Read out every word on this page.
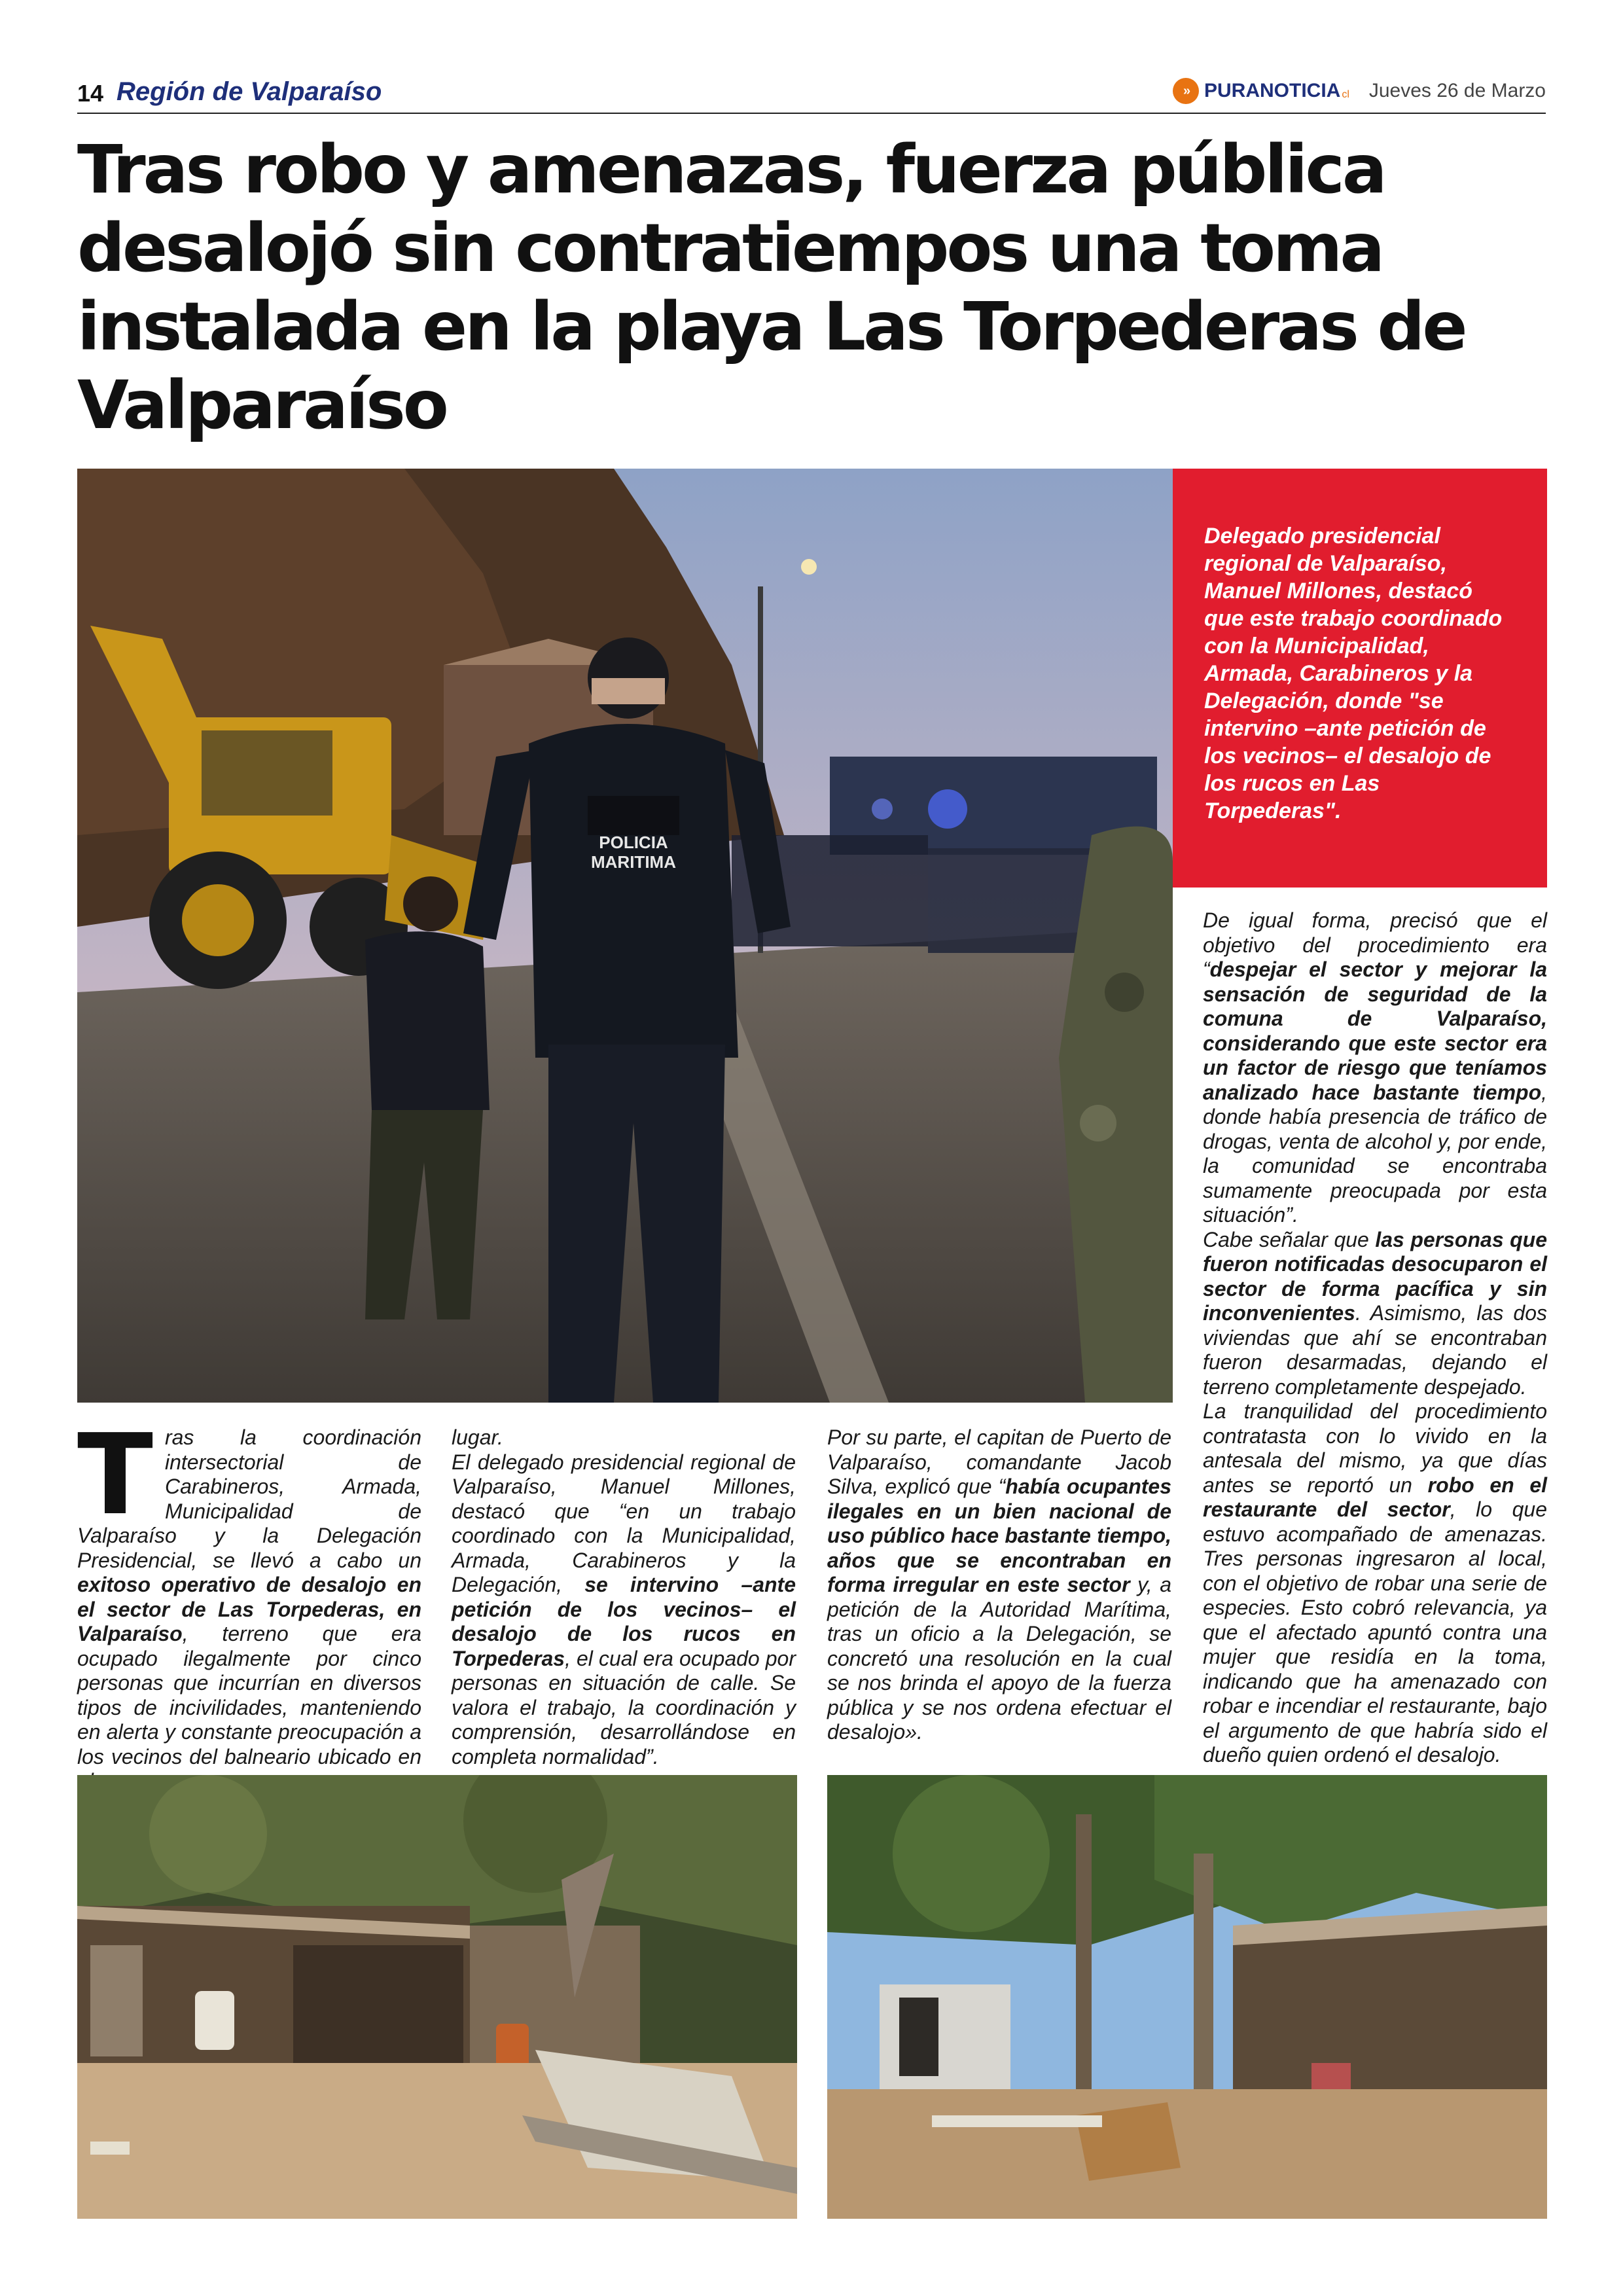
14 Región de Valparaíso	» PURANOTICIA cl Jueves 26 de Marzo
Tras robo y amenazas, fuerza pública desalojó sin contratiempos una toma instalada en la playa Las Torpederas de Valparaíso
POLICIA
MARITIMA

Delegado presidencial regional de Valparaíso, Manuel Millones, destacó que este trabajo coordinado con la Municipalidad, Armada, Carabineros y la Delegación, donde "se intervino –ante petición de los vecinos– el desalojo de los rucos en Las Torpederas".

De igual forma, precisó que el objetivo del procedimiento era “despejar el sector y mejorar la sensación de seguridad de la comuna de Valparaíso, considerando que este sector era un factor de riesgo que teníamos analizado hace bastante tiempo, donde había presencia de tráfico de drogas, venta de alcohol y, por ende, la comunidad se encontraba sumamente preocupada por esta situación”.

Cabe señalar que las personas que fueron notificadas desocuparon el sector de forma pacífica y sin inconvenientes. Asimismo, las dos viviendas que ahí se encontraban fueron desarmadas, dejando el terreno completamente despejado.

La tranquilidad del procedimiento contratasta con lo vivido en la antesala del mismo, ya que días antes se reportó un robo en el restaurante del sector, lo que estuvo acompañado de amenazas. Tres personas ingresaron al local, con el objetivo de robar una serie de especies. Esto cobró relevancia, ya que el afectado apuntó contra una mujer que residía en la toma, indicando que ha amenazado con robar e incendiar el restaurante, bajo el argumento de que habría sido el dueño quien ordenó el desalojo.

Tras la coordinación intersectorial de Carabineros, Armada, Municipalidad de Valparaíso y la Delegación Presidencial, se llevó a cabo un exitoso operativo de desalojo en el sector de Las Torpederas, en Valparaíso, terreno que era ocupado ilegalmente por cinco personas que incurrían en diversos tipos de incivilidades, manteniendo en alerta y constante preocupación a los vecinos del balneario ubicado en

lugar.

El delegado presidencial regional de Valparaíso, Manuel Millones, destacó que “en un trabajo coordinado con la Municipalidad, Armada, Carabineros y la Delegación, se intervino –ante petición de los vecinos– el desalojo de los rucos en Torpederas, el cual era ocupado por personas en situación de calle. Se valora el trabajo, la coordinación y comprensión, desarrollándose en completa normalidad”.

Por su parte, el capitan de Puerto de Valparaíso, comandante Jacob Silva, explicó que “había ocupantes ilegales en un bien nacional de uso público hace bastante tiempo, años que se encontraban en forma irregular en este sector y, a petición de la Autoridad Marítima, tras un oficio a la Delegación, se concretó una resolución en la cual se nos brinda el apoyo de la fuerza pública y se nos ordena efectuar el desalojo».
